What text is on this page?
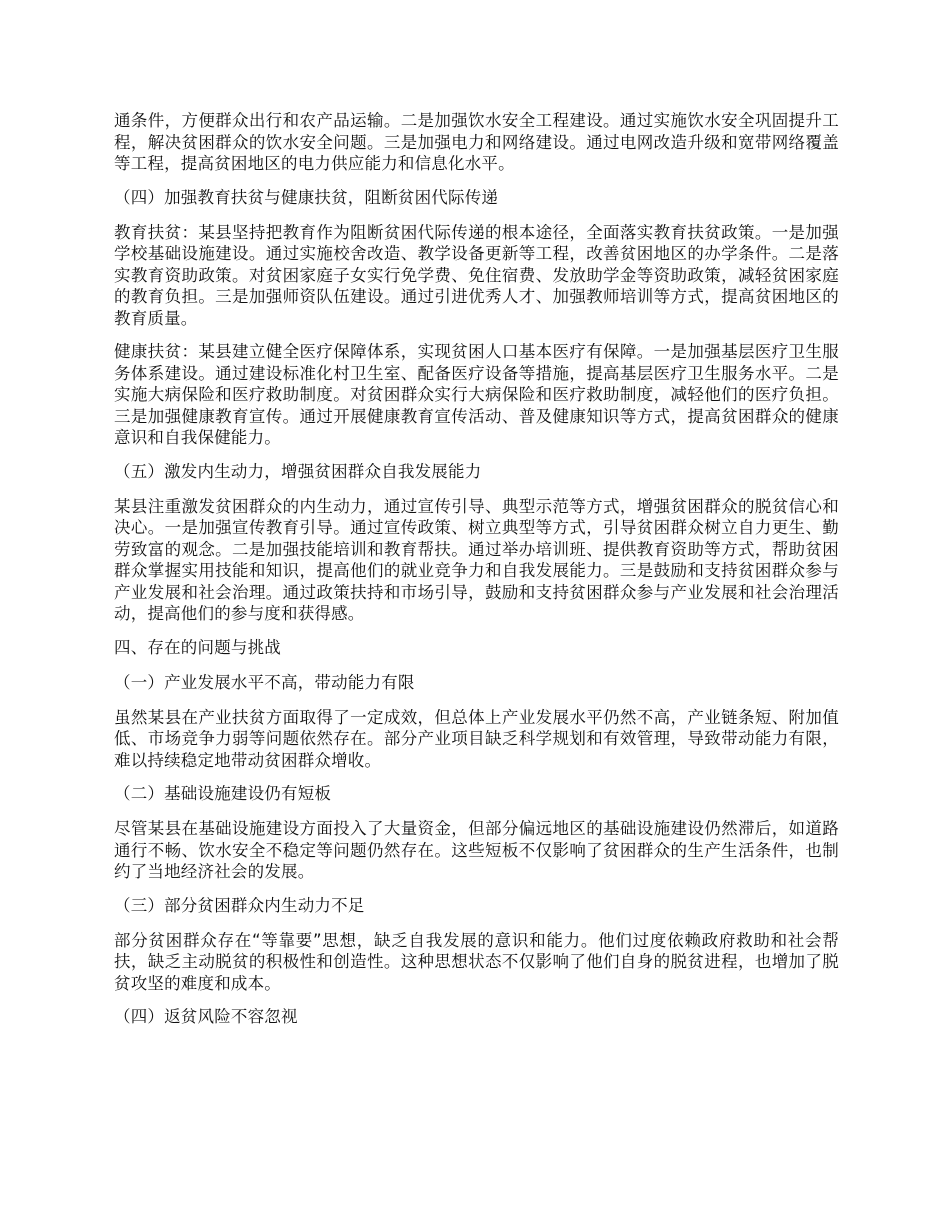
通条件，方便群众出行和农产品运输。二是加强饮水安全工程建设。通过实施饮水安全巩固提升工程，解决贫困群众的饮水安全问题。三是加强电力和网络建设。通过电网改造升级和宽带网络覆盖等工程，提高贫困地区的电力供应能力和信息化水平。

（四）加强教育扶贫与健康扶贫，阻断贫困代际传递

教育扶贫：某县坚持把教育作为阻断贫困代际传递的根本途径，全面落实教育扶贫政策。一是加强学校基础设施建设。通过实施校舍改造、教学设备更新等工程，改善贫困地区的办学条件。二是落实教育资助政策。对贫困家庭子女实行免学费、免住宿费、发放助学金等资助政策，减轻贫困家庭的教育负担。三是加强师资队伍建设。通过引进优秀人才、加强教师培训等方式，提高贫困地区的教育质量。

健康扶贫：某县建立健全医疗保障体系，实现贫困人口基本医疗有保障。一是加强基层医疗卫生服务体系建设。通过建设标准化村卫生室、配备医疗设备等措施，提高基层医疗卫生服务水平。二是实施大病保险和医疗救助制度。对贫困群众实行大病保险和医疗救助制度，减轻他们的医疗负担。三是加强健康教育宣传。通过开展健康教育宣传活动、普及健康知识等方式，提高贫困群众的健康意识和自我保健能力。

（五）激发内生动力，增强贫困群众自我发展能力

某县注重激发贫困群众的内生动力，通过宣传引导、典型示范等方式，增强贫困群众的脱贫信心和决心。一是加强宣传教育引导。通过宣传政策、树立典型等方式，引导贫困群众树立自力更生、勤劳致富的观念。二是加强技能培训和教育帮扶。通过举办培训班、提供教育资助等方式，帮助贫困群众掌握实用技能和知识，提高他们的就业竞争力和自我发展能力。三是鼓励和支持贫困群众参与产业发展和社会治理。通过政策扶持和市场引导，鼓励和支持贫困群众参与产业发展和社会治理活动，提高他们的参与度和获得感。

四、存在的问题与挑战

（一）产业发展水平不高，带动能力有限

虽然某县在产业扶贫方面取得了一定成效，但总体上产业发展水平仍然不高，产业链条短、附加值低、市场竞争力弱等问题依然存在。部分产业项目缺乏科学规划和有效管理，导致带动能力有限，难以持续稳定地带动贫困群众增收。

（二）基础设施建设仍有短板

尽管某县在基础设施建设方面投入了大量资金，但部分偏远地区的基础设施建设仍然滞后，如道路通行不畅、饮水安全不稳定等问题仍然存在。这些短板不仅影响了贫困群众的生产生活条件，也制约了当地经济社会的发展。

（三）部分贫困群众内生动力不足

部分贫困群众存在“等靠要”思想，缺乏自我发展的意识和能力。他们过度依赖政府救助和社会帮扶，缺乏主动脱贫的积极性和创造性。这种思想状态不仅影响了他们自身的脱贫进程，也增加了脱贫攻坚的难度和成本。

（四）返贫风险不容忽视
